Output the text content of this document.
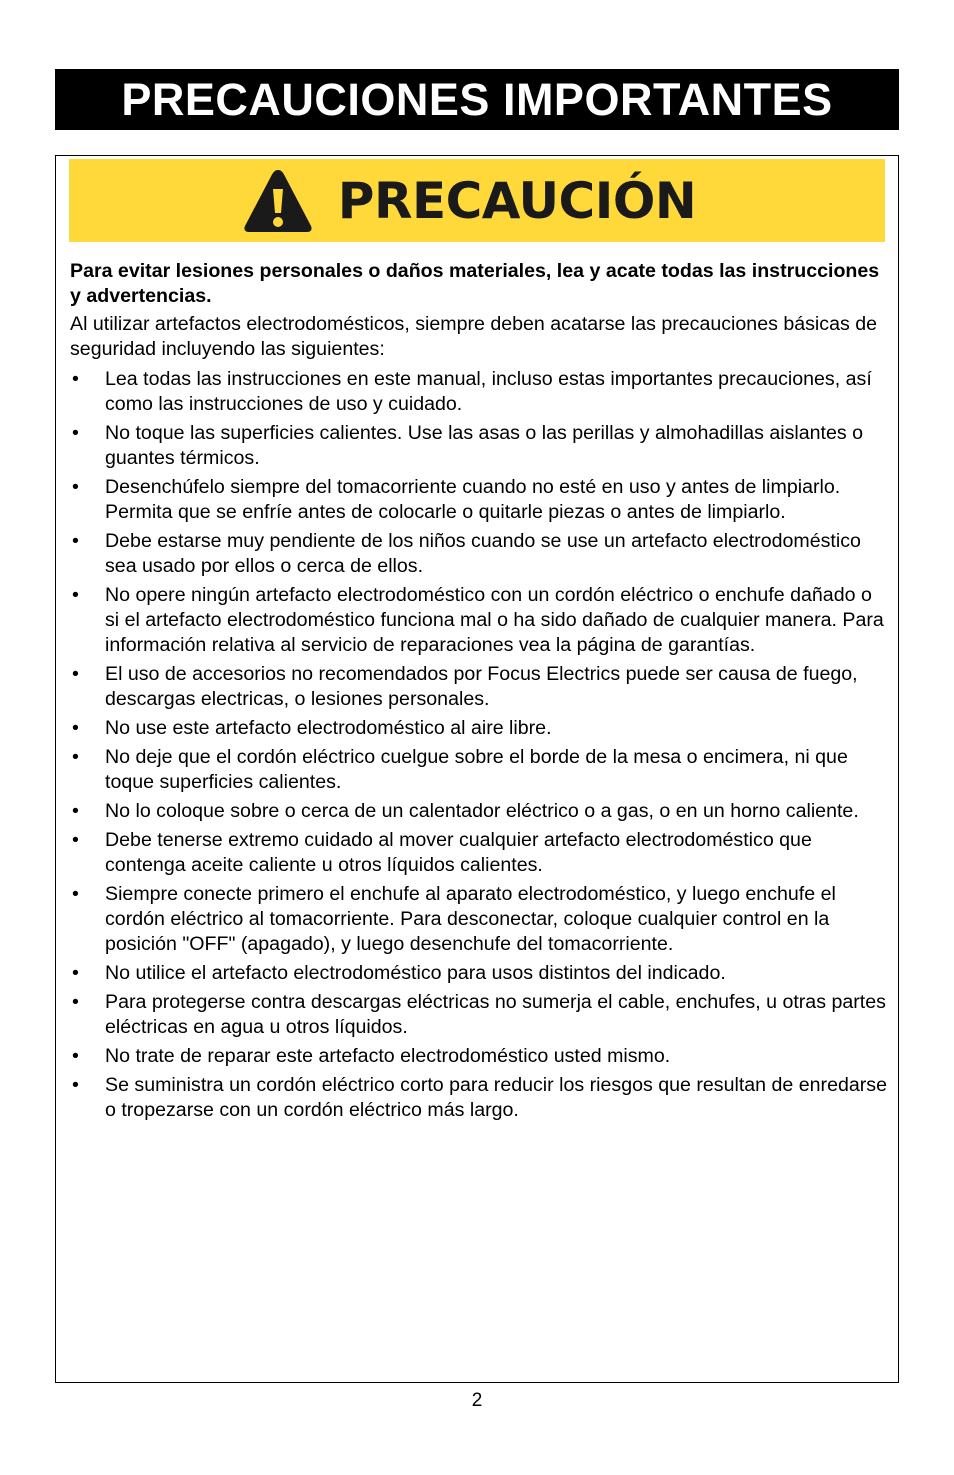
PRECAUCIONES IMPORTANTES
PRECAUCIÓN

Para evitar lesiones personales o daños materiales, lea y acate todas las instrucciones y advertencias.

Al utilizar artefactos electrodomésticos, siempre deben acatarse las precauciones básicas de seguridad incluyendo las siguientes:

• Lea todas las instrucciones en este manual, incluso estas importantes precauciones, así como las instrucciones de uso y cuidado.
• No toque las superficies calientes. Use las asas o las perillas y almohadillas aislantes o guantes térmicos.
• Desenchúfelo siempre del tomacorriente cuando no esté en uso y antes de limpiarlo. Permita que se enfríe antes de colocarle o quitarle piezas o antes de limpiarlo.
• Debe estarse muy pendiente de los niños cuando se use un artefacto electrodoméstico sea usado por ellos o cerca de ellos.
• No opere ningún artefacto electrodoméstico con un cordón eléctrico o enchufe dañado o si el artefacto electrodoméstico funciona mal o ha sido dañado de cualquier manera. Para información relativa al servicio de reparaciones vea la página de garantías.
• El uso de accesorios no recomendados por Focus Electrics puede ser causa de fuego, descargas electricas, o lesiones personales.
• No use este artefacto electrodoméstico al aire libre.
• No deje que el cordón eléctrico cuelgue sobre el borde de la mesa o encimera, ni que toque superficies calientes.
• No lo coloque sobre o cerca de un calentador eléctrico o a gas, o en un horno caliente.
• Debe tenerse extremo cuidado al mover cualquier artefacto electrodoméstico que contenga aceite caliente u otros líquidos calientes.
• Siempre conecte primero el enchufe al aparato electrodoméstico, y luego enchufe el cordón eléctrico al tomacorriente. Para desconectar, coloque cualquier control en la posición "OFF" (apagado), y luego desenchufe del tomacorriente.
• No utilice el artefacto electrodoméstico para usos distintos del indicado.
• Para protegerse contra descargas eléctricas no sumerja el cable, enchufes, u otras partes eléctricas en agua u otros líquidos.
• No trate de reparar este artefacto electrodoméstico usted mismo.
• Se suministra un cordón eléctrico corto para reducir los riesgos que resultan de enredarse o tropezarse con un cordón eléctrico más largo.
2
